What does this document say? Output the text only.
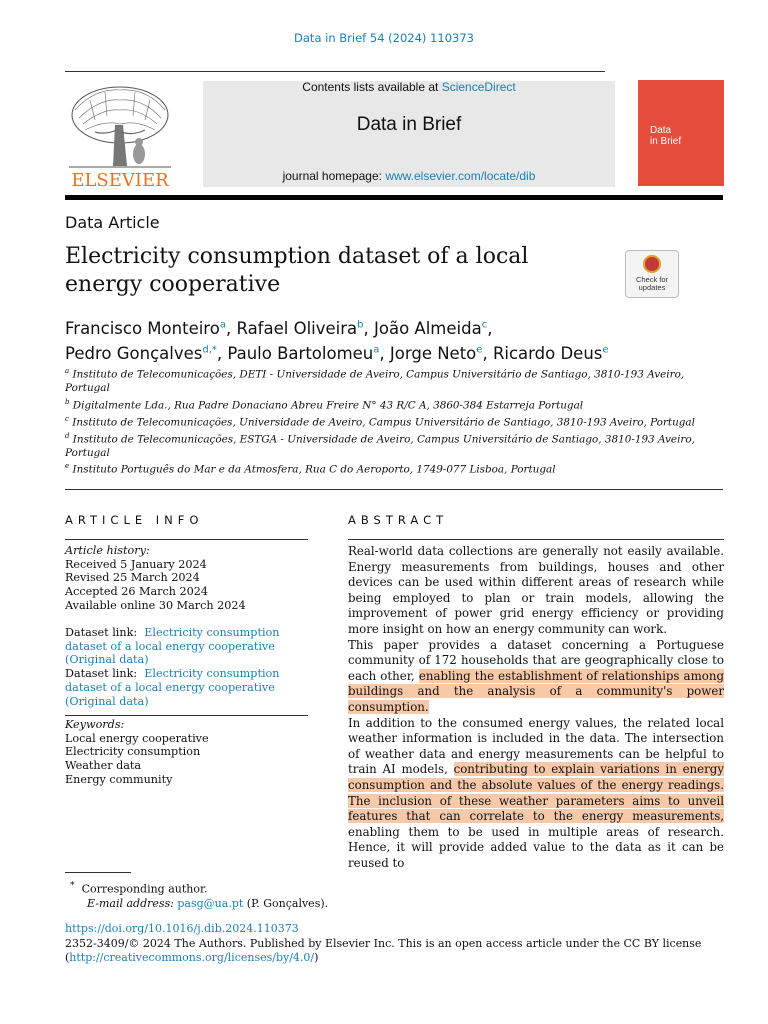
Data in Brief 54 (2024) 110373
ELSEVIER
Contents lists available at ScienceDirect
Data in Brief
journal homepage: www.elsevier.com/locate/dib
Data
in Brief
Data Article
Electricity consumption dataset of a local energy cooperative	Check for
updates
Francisco Monteiro$^a$, Rafael Oliveira$^b$, João Almeida$^c$,
Pedro Gonçalves$^{d,*}$, Paulo Bartolomeu$^a$, Jorge Neto$^e$, Ricardo Deus$^e$

$^a$ Instituto de Telecomunicações, DETI - Universidade de Aveiro, Campus Universitário de Santiago, 3810-193 Aveiro, Portugal

$^b$ Digitalmente Lda., Rua Padre Donaciano Abreu Freire N° 43 R/C A, 3860-384 Estarreja Portugal

$^c$ Instituto de Telecomunicações, Universidade de Aveiro, Campus Universitário de Santiago, 3810-193 Aveiro, Portugal

$^d$ Instituto de Telecomunicações, ESTGA - Universidade de Aveiro, Campus Universitário de Santiago, 3810-193 Aveiro, Portugal

$^e$ Instituto Português do Mar e da Atmosfera, Rua C do Aeroporto, 1749-077 Lisboa, Portugal

ARTICLE INFO	ABSTRACT

Article history:

Received 5 January 2024

Revised 25 March 2024

Accepted 26 March 2024

Available online 30 March 2024

Dataset link: Electricity consumption dataset of a local energy cooperative (Original data)

Dataset link: Electricity consumption dataset of a local energy cooperative (Original data)

Keywords:

Local energy cooperative

Electricity consumption

Weather data

Energy community

Real-world data collections are generally not easily available. Energy measurements from buildings, houses and other devices can be used within different areas of research while being employed to plan or train models, allowing the improvement of power grid energy efficiency or providing more insight on how an energy community can work.

This paper provides a dataset concerning a Portuguese community of 172 households that are geographically close to each other, enabling the establishment of relationships among buildings and the analysis of a community's power consumption.

In addition to the consumed energy values, the related local weather information is included in the data. The intersection of weather data and energy measurements can be helpful to train AI models, contributing to explain variations in energy consumption and the absolute values of the energy readings. The inclusion of these weather parameters aims to unveil features that can correlate to the energy measurements, enabling them to be used in multiple areas of research. Hence, it will provide added value to the data as it can be reused to

* Corresponding author.

E-mail address: pasg@ua.pt (P. Gonçalves).

https://doi.org/10.1016/j.dib.2024.110373

2352-3409/© 2024 The Authors. Published by Elsevier Inc. This is an open access article under the CC BY license

(http://creativecommons.org/licenses/by/4.0/)
